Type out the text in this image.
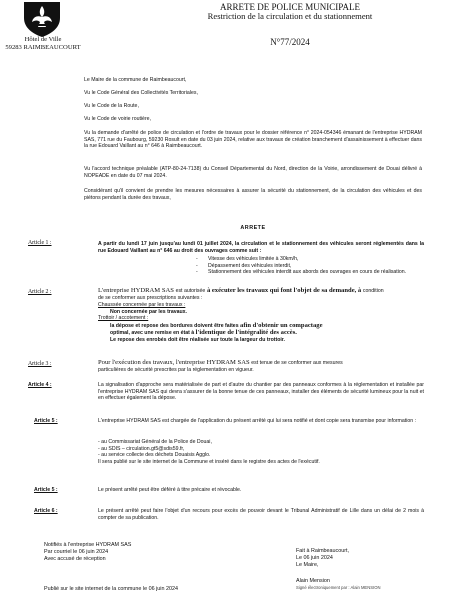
Hôtel de Ville
59283 RAIMBEAUCOURT
ARRETE DE POLICE MUNICIPALE
Restriction de la circulation et du stationnement
N°77/2024
Le Maire de la commune de Raimbeaucourt,
Vu le Code Général des Collectivités Territoriales,
Vu le Code de la Route,
Vu le Code de voirie routière,
Vu la demande d'arrêté de police de circulation et l'ordre de travaux pour le dossier référence n° 2024-054346 émanant de l'entreprise HYDRAM SAS, 771 rue du Faubourg, 59230 Rosult en date du 03 juin 2024, relative aux travaux de création branchement d'assainissement à effectuer dans la rue Edouard Vaillant au n° 646 à Raimbeaucourt.
Vu l'accord technique préalable (ATP-80-24-7138) du Conseil Départemental du Nord, direction de la Voirie, arrondissement de Douai délivré à NOPEADE en date du 07 mai 2024.
Considérant qu'il convient de prendre les mesures nécessaires à assurer la sécurité du stationnement, de la circulation des véhicules et des piétons pendant la durée des travaux,
ARRETE
Article 1 :	A partir du lundi 17 juin jusqu'au lundi 01 juillet 2024, la circulation et le stationnement des véhicules seront réglementés dans la rue Edouard Vaillant au n° 646 au droit des ouvrages comme suit :
-	Vitesse des véhicules limitée à 30km/h,
-	Dépassement des véhicules interdit,
-	Stationnement des véhicules interdit aux abords des ouvrages en cours de réalisation.
Article 2 :	L'entreprise HYDRAM SAS est autorisée à exécuter les travaux qui font l'objet de sa demande, à condition
de se conformer aux prescriptions suivantes :
Chaussée concernée par les travaux :
Non concernée par les travaux.
Trottoir / accotement :
la dépose et repose des bordures doivent être faites afin d'obtenir un compactage
optimal, avec une remise en état à l'identique de l'intégralité des accès.
Le repose des enrobés doit être réalisée sur toute la largeur du trottoir.
Article 3 :	Pour l'exécution des travaux, l'entreprise HYDRAM SAS est tenue de se conformer aux mesures
particulières de sécurité prescrites par la réglementation en vigueur.
Article 4 :	La signalisation d'approche sera matérialisée de part et d'autre du chantier par des panneaux conformes à la réglementation et installée par l'entreprise HYDRAM SAS qui devra s'assurer de la bonne tenue de ces panneaux, installer des éléments de sécurité lumineux pour la nuit et en effectuer également la dépose.
Article 5 :	L'entreprise HYDRAM SAS est chargée de l'application du présent arrêté qui lui sera notifié et dont copie sera transmise pour information :
- au Commissariat Général de la Police de Douai,
- au SDIS – circulation.gt5@sdis59.fr,
- au service collecte des déchets Douaisis Agglo.
Il sera publié sur le site internet de la Commune et inséré dans le registre des actes de l'exécutif.
Article 5 :	Le présent arrêté peut être déféré à titre précaire et révocable.
Article 6 :	Le présent arrêté peut faire l'objet d'un recours pour excès de pouvoir devant le Tribunal Administratif de Lille dans un délai de 2 mois à compter de sa publication.
Notifiés à l'entreprise HYDRAM SAS
Par courriel le 06 juin 2024
Avec accusé de réception
Fait à Raimbeaucourt,
Le 06 juin 2024
Le Maire,
Alain Mension
Signé électroniquement par : Alain MENSION
Publié sur le site internet de la commune le 06 juin 2024
